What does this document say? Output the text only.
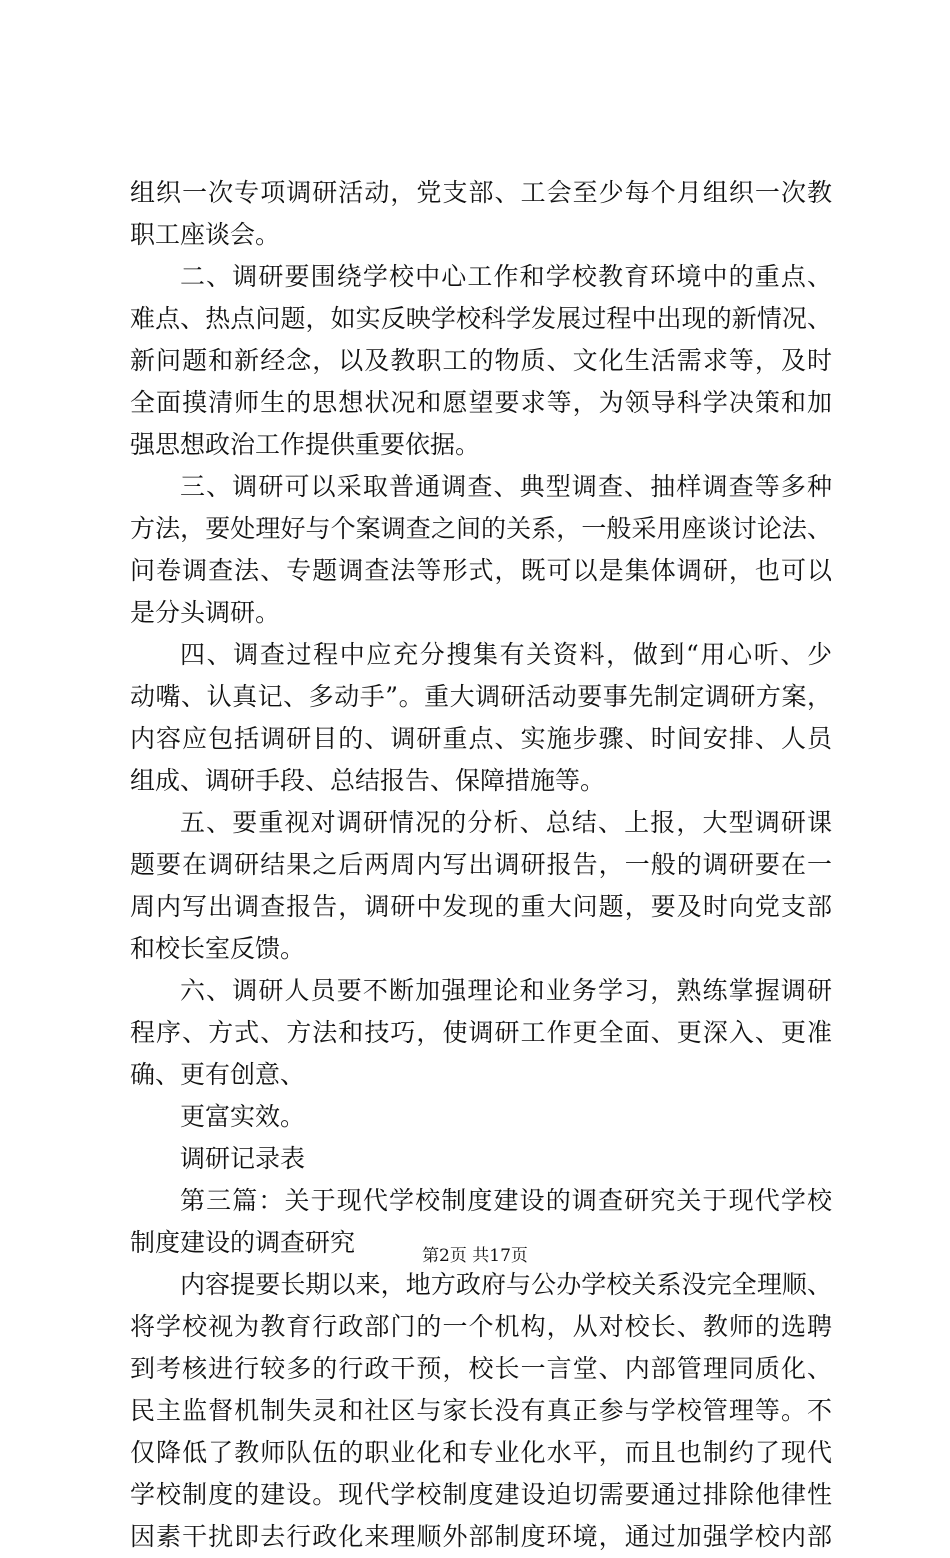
组织一次专项调研活动，党支部、工会至少每个月组织一次教
职工座谈会。
二、调研要围绕学校中心工作和学校教育环境中的重点、
难点、热点问题，如实反映学校科学发展过程中出现的新情况、
新问题和新经念，以及教职工的物质、文化生活需求等，及时
全面摸清师生的思想状况和愿望要求等，为领导科学决策和加
强思想政治工作提供重要依据。
三、调研可以采取普通调查、典型调查、抽样调查等多种
方法，要处理好与个案调查之间的关系，一般采用座谈讨论法、
问卷调查法、专题调查法等形式，既可以是集体调研，也可以
是分头调研。
四、调查过程中应充分搜集有关资料，做到“用心听、少
动嘴、认真记、多动手”。重大调研活动要事先制定调研方案，
内容应包括调研目的、调研重点、实施步骤、时间安排、人员
组成、调研手段、总结报告、保障措施等。
五、要重视对调研情况的分析、总结、上报，大型调研课
题要在调研结果之后两周内写出调研报告，一般的调研要在一
周内写出调查报告，调研中发现的重大问题，要及时向党支部
和校长室反馈。
六、调研人员要不断加强理论和业务学习，熟练掌握调研
程序、方式、方法和技巧，使调研工作更全面、更深入、更准
确、更有创意、
更富实效。
调研记录表
第三篇：关于现代学校制度建设的调查研究关于现代学校
制度建设的调查研究
内容提要长期以来，地方政府与公办学校关系没完全理顺、
将学校视为教育行政部门的一个机构，从对校长、教师的选聘
到考核进行较多的行政干预，校长一言堂、内部管理同质化、
民主监督机制失灵和社区与家长没有真正参与学校管理等。不
仅降低了教师队伍的职业化和专业化水平，而且也制约了现代
学校制度的建设。现代学校制度建设迫切需要通过排除他律性
因素干扰即去行政化来理顺外部制度环境，通过加强学校内部
第2页 共17页
